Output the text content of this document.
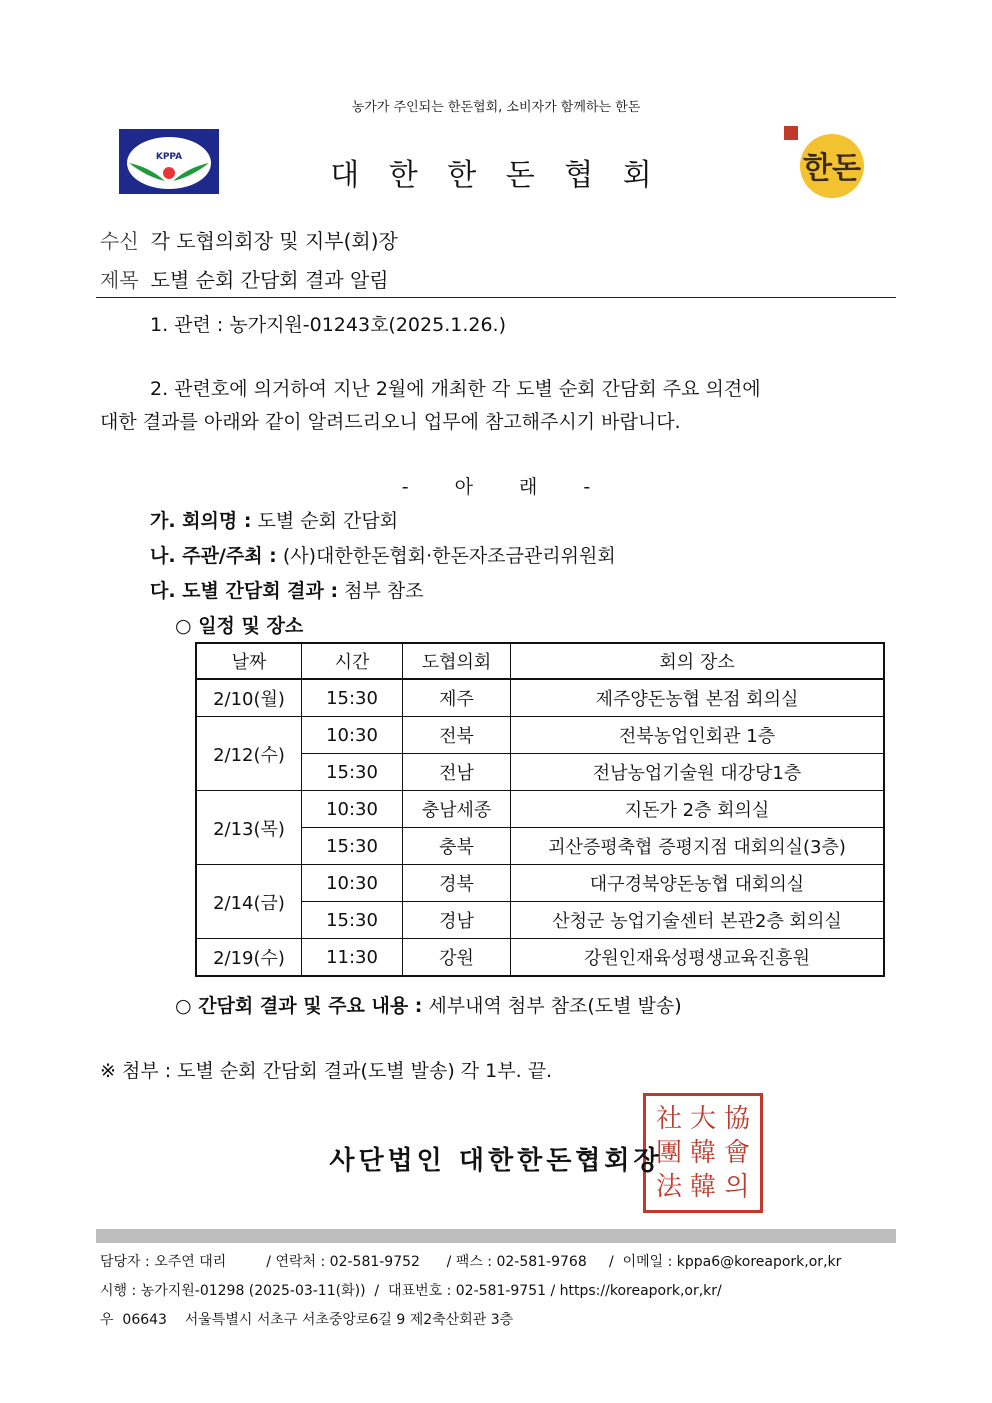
농가가 주인되는 한돈협회, 소비자가 함께하는 한돈
KPPA
대 한 한 돈 협 회	한돈
수신 각 도협의회장 및 지부(회)장
제목 도별 순회 간담회 결과 알림
1. 관련 : 농가지원-01243호(2025.1.26.)
2. 관련호에 의거하여 지난 2월에 개최한 각 도별 순회 간담회 주요 의견에
대한 결과를 아래와 같이 알려드리오니 업무에 참고해주시기 바랍니다.
- 아 래 -
가. 회의명 : 도별 순회 간담회
나. 주관/주최 : (사)대한한돈협회·한돈자조금관리위원회
다. 도별 간담회 결과 : 첨부 참조
○ 일정 및 장소
날짜	시간	도협의회	회의 장소
2/10(월)	15:30	제주	제주양돈농협 본점 회의실
2/12(수)	10:30	전북	전북농업인회관 1층
	15:30	전남	전남농업기술원 대강당1층
2/13(목)	10:30	충남세종	지돈가 2층 회의실
	15:30	충북	괴산증평축협 증평지점 대회의실(3층)
2/14(금)	10:30	경북	대구경북양돈농협 대회의실
	15:30	경남	산청군 농업기술센터 본관2층 회의실
2/19(수)	11:30	강원	강원인재육성평생교육진흥원
○ 간담회 결과 및 주요 내용 : 세부내역 첨부 참조(도별 발송)
※ 첨부 : 도별 순회 간담회 결과(도별 발송) 각 1부. 끝.
社 大 協
團 韓 會
法 韓 의
사단법인 대한한돈협회장
담당자 : 오주연 대리         / 연락처 : 02-581-9752      / 팩스 : 02-581-9768     /  이메일 : kppa6@koreapork,or,kr
시행 : 농가지원-01298 (2025-03-11(화))  /  대표번호 : 02-581-9751 / https://koreapork,or,kr/
우  06643    서울특별시 서초구 서초중앙로6길 9 제2축산회관 3층
